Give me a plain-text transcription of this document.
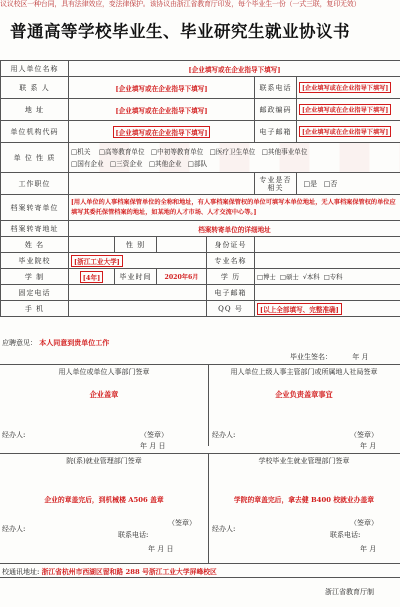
议议校区一种台同，具有法律效应，变法律保护。该协议由浙江省教育厅印发，每个毕业生一份（一式三联，复印无效）
普通高等学校毕业生、毕业研究生就业协议书
用人单位名称	[企业填写或在企业指导下填写]					
联 系 人	[企业填写或在企业指导下填写]				联系电话	[企业填写或在企业指导下填写]
地 址	[企业填写或在企业指导下填写]				邮政编码	[企业填写或在企业指导下填写]
单位机构代码	[企业填写或在企业指导下填写]				电子邮箱	[企业填写或在企业指导下填写]
单 位 性 质	□机关 □高等教育单位 □中初等教育单位 □医疗卫生单位 □其他事业单位
□国有企业 □三资企业 □其他企业 □部队					

工作职位					专业是否
相关	□是 □否
档案转寄单位	[用人单位的人事档案保管单位的全称和地址，有人事档案保管权的单位可填写本单位地址，无人事档案保管权的单位应填写其委托保管档案的地址，如某地的人才市场、人才交流中心等。]					
档案转寄地址	档案转寄单位的详细地址					
姓 名		性 别		身份证号		
毕业院校	[浙江工业大学]			专业名称		
学 制	[4年]	毕业时间	2020年6月	学 历	□博士 □硕士 √本科 □专科	
固定电话				电子邮箱		
手 机				QQ 号	[以上全部填写、完整准确]	
应聘意见： 本人同意到贵单位工作
毕业生签名：	年 月
用人单位或单位人事部门签章	用人单位上级人事主管部门或所属地人社局签章
企业盖章	企业负责盖章事宜
经办人:	（签章）
年 月 日
经办人:	（签章）
年 月
院(系)就业管理部门签章	学校毕业生就业管理部门签章
企业的章盖完后，到机械楼 A506 盖章	学院的章盖完后，拿去健 B400 校就业办盖章
经办人:
（签章）
联系电话:
年 月 日
经办人:
（签章）
联系电话:
年 月
校通讯地址: 浙江省杭州市西湖区留和路 288 号浙江工业大学屏峰校区
浙江省教育厅制
